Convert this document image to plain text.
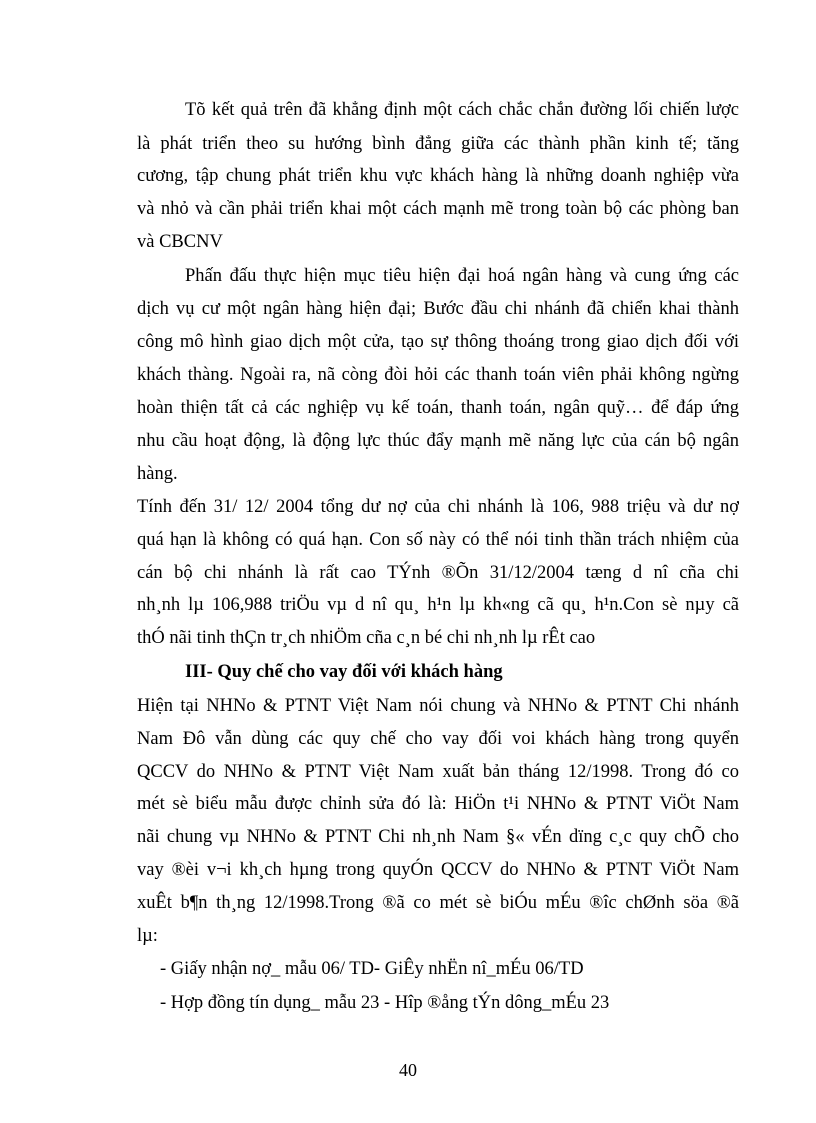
Tõ kết quả trên đã khẳng định một cách chắc chắn đường lối chiến lược
là phát triển theo su hướng bình đẳng giữa các thành phần kinh tế; tăng
cương, tập chung phát triển khu vực khách hàng là những doanh nghiệp vừa
và nhỏ và cần phải triển khai một cách mạnh mẽ trong toàn bộ các phòng ban
và CBCNV
Phấn đấu thực hiện mục tiêu hiện đại hoá ngân hàng và cung ứng các
dịch vụ cư một ngân hàng hiện đại; Bước đầu chi nhánh đã chiển khai thành
công mô hình giao dịch một cửa, tạo sự thông thoáng trong giao dịch đối với
khách thàng. Ngoài ra, nã còng đòi hỏi các thanh toán viên phải không ngừng
hoàn thiện tất cả các nghiệp vụ kế toán, thanh toán, ngân quỹ… để đáp ứng
nhu cầu hoạt động, là động lực thúc đẩy mạnh mẽ năng lực của cán bộ ngân
hàng.
Tính đến 31/ 12/ 2004 tổng dư nợ của chi nhánh là 106, 988 triệu và dư nợ
quá hạn là không có quá hạn. Con số này có thể nói tinh thần trách nhiệm của
cán bộ chi nhánh là rất cao TÝnh ®Õn 31/12/2004 tæng d nî cña chi
nh¸nh lµ 106,988 triÖu vµ d nî qu¸ h¹n lµ kh«ng cã qu¸ h¹n.Con sè nµy cã
thÓ nãi tinh thÇn tr¸ch nhiÖm cña c¸n bé chi nh¸nh lµ rÊt cao
III- Quy chế cho vay đối với khách hàng
Hiện tại NHNo & PTNT Việt Nam nói chung và NHNo & PTNT Chi nhánh
Nam Đô vẫn dùng các quy chế cho vay đối voi khách hàng trong quyển
QCCV do NHNo & PTNT Việt Nam xuất bản tháng 12/1998. Trong đó co
mét sè biểu mẫu được chỉnh sửa đó là: HiÖn t¹i NHNo & PTNT ViÖt Nam
nãi chung vµ NHNo & PTNT Chi nh¸nh Nam §« vÉn dïng c¸c quy chÕ cho
vay ®èi v¬i kh¸ch hµng trong quyÓn QCCV do NHNo & PTNT ViÖt Nam
xuÊt b¶n th¸ng 12/1998.Trong ®ã co mét sè biÓu mÉu ®îc chØnh söa ®ã
lµ:
- Giấy nhận nợ_ mẫu 06/ TD- GiÊy nhËn nî_mÉu 06/TD
- Hợp đồng tín dụng_ mẫu 23 - Hîp ®ång tÝn dông_mÉu 23
40
